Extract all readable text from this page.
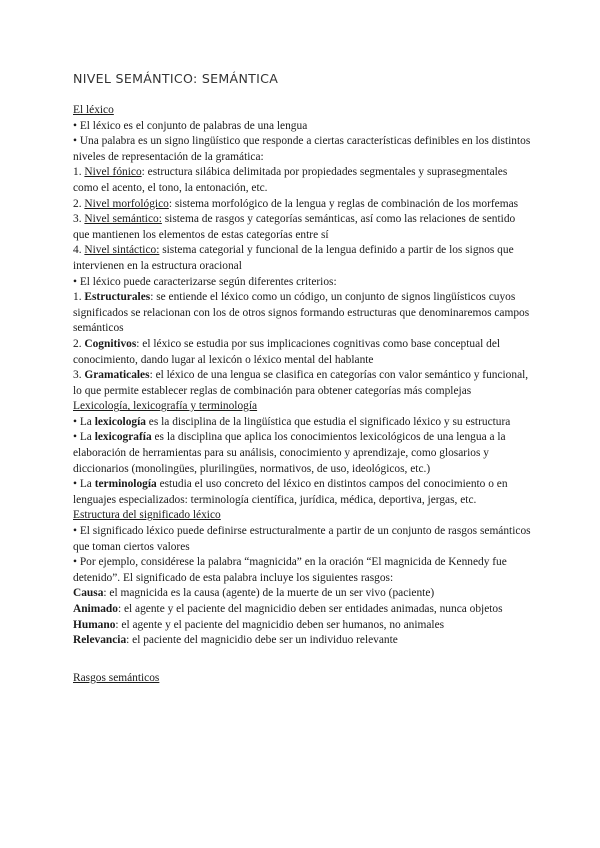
NIVEL SEMÁNTICO: SEMÁNTICA

El léxico

• El léxico es el conjunto de palabras de una lengua

• Una palabra es un signo lingüístico que responde a ciertas características definibles en los distintos niveles de representación de la gramática:

1. Nivel fónico: estructura silábica delimitada por propiedades segmentales y suprasegmentales como el acento, el tono, la entonación, etc.

2. Nivel morfológico: sistema morfológico de la lengua y reglas de combinación de los morfemas

3. Nivel semántico: sistema de rasgos y categorías semánticas, así como las relaciones de sentido que mantienen los elementos de estas categorías entre sí

4. Nivel sintáctico: sistema categorial y funcional de la lengua definido a partir de los signos que intervienen en la estructura oracional

• El léxico puede caracterizarse según diferentes criterios:

1. Estructurales: se entiende el léxico como un código, un conjunto de signos lingüísticos cuyos significados se relacionan con los de otros signos formando estructuras que denominaremos campos semánticos

2. Cognitivos: el léxico se estudia por sus implicaciones cognitivas como base conceptual del conocimiento, dando lugar al lexicón o léxico mental del hablante

3. Gramaticales: el léxico de una lengua se clasifica en categorías con valor semántico y funcional, lo que permite establecer reglas de combinación para obtener categorías más complejas

Lexicología, lexicografía y terminología

• La lexicología es la disciplina de la lingüística que estudia el significado léxico y su estructura

• La lexicografía es la disciplina que aplica los conocimientos lexicológicos de una lengua a la elaboración de herramientas para su análisis, conocimiento y aprendizaje, como glosarios y diccionarios (monolingües, plurilingües, normativos, de uso, ideológicos, etc.)

• La terminología estudia el uso concreto del léxico en distintos campos del conocimiento o en lenguajes especializados: terminología científica, jurídica, médica, deportiva, jergas, etc.

Estructura del significado léxico

• El significado léxico puede definirse estructuralmente a partir de un conjunto de rasgos semánticos que toman ciertos valores

• Por ejemplo, considérese la palabra “magnicida” en la oración “El magnicida de Kennedy fue detenido”. El significado de esta palabra incluye los siguientes rasgos:

Causa: el magnicida es la causa (agente) de la muerte de un ser vivo (paciente)

Animado: el agente y el paciente del magnicidio deben ser entidades animadas, nunca objetos

Humano: el agente y el paciente del magnicidio deben ser humanos, no animales

Relevancia: el paciente del magnicidio debe ser un individuo relevante

Rasgos semánticos
